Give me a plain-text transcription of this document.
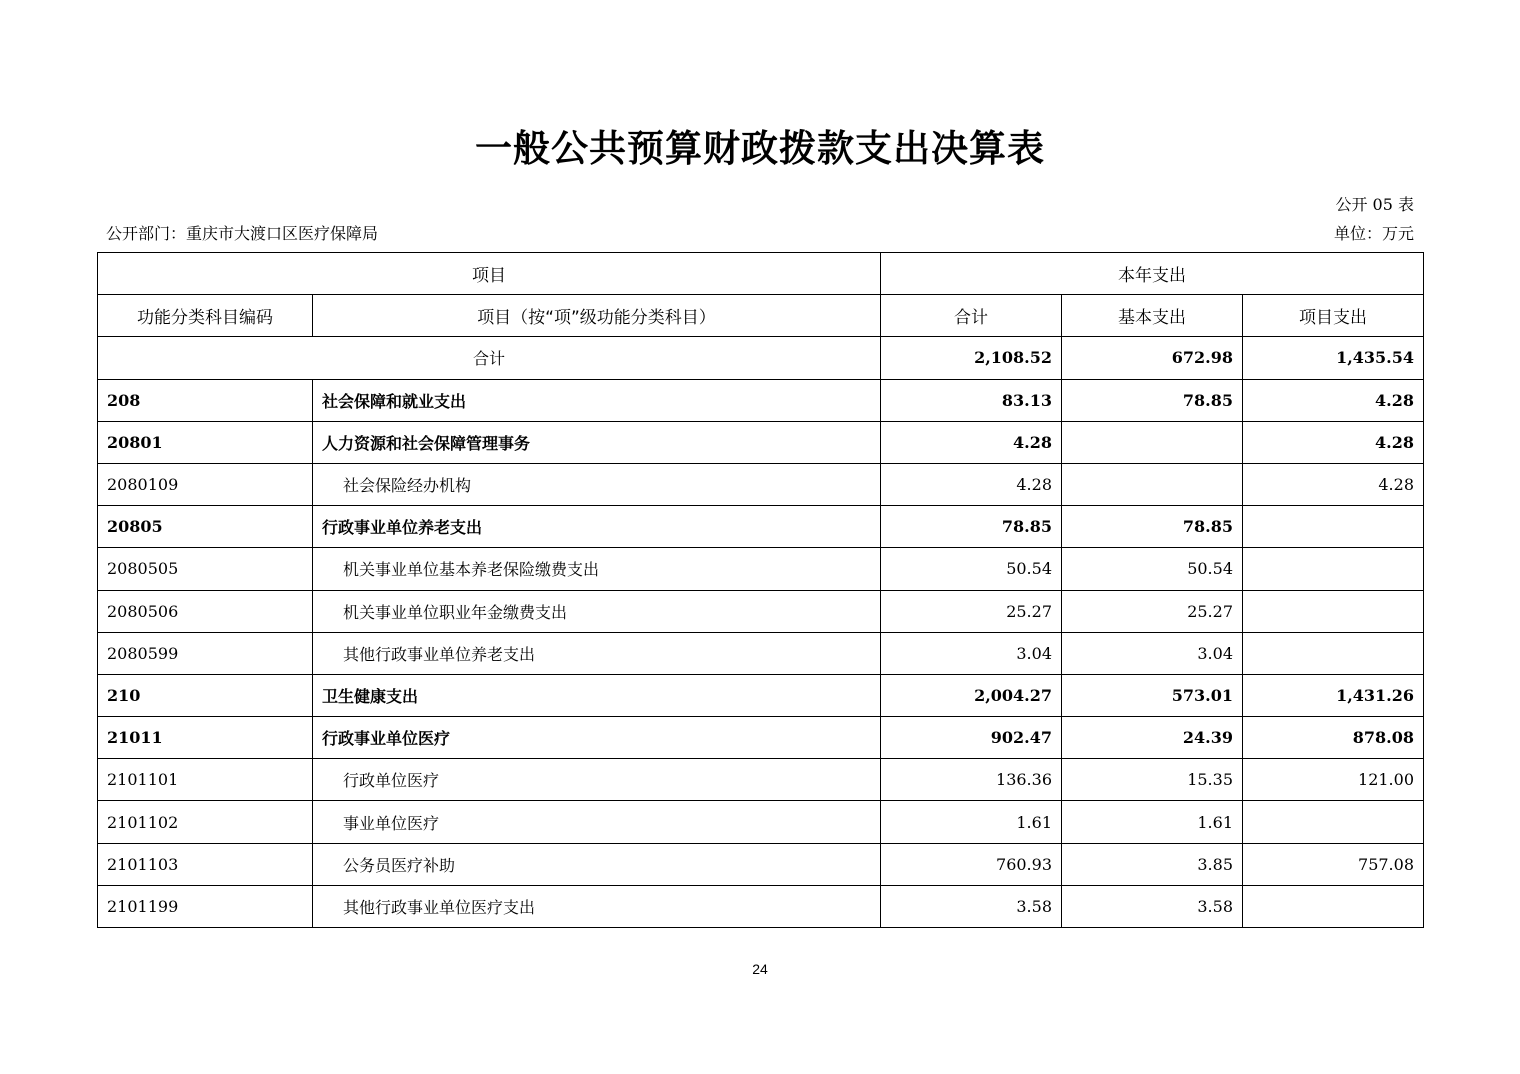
一般公共预算财政拨款支出决算表
公开 05 表
公开部门：重庆市大渡口区医疗保障局	单位：万元
项目		本年支出		
功能分类科目编码	项目（按“项”级功能分类科目）	合计	基本支出	项目支出
合计		2,108.52	672.98	1,435.54
208	社会保障和就业支出	83.13	78.85	4.28
20801	人力资源和社会保障管理事务	4.28		4.28
2080109	社会保险经办机构	4.28		4.28
20805	行政事业单位养老支出	78.85	78.85	
2080505	机关事业单位基本养老保险缴费支出	50.54	50.54	
2080506	机关事业单位职业年金缴费支出	25.27	25.27	
2080599	其他行政事业单位养老支出	3.04	3.04	
210	卫生健康支出	2,004.27	573.01	1,431.26
21011	行政事业单位医疗	902.47	24.39	878.08
2101101	行政单位医疗	136.36	15.35	121.00
2101102	事业单位医疗	1.61	1.61	
2101103	公务员医疗补助	760.93	3.85	757.08
2101199	其他行政事业单位医疗支出	3.58	3.58	
24
